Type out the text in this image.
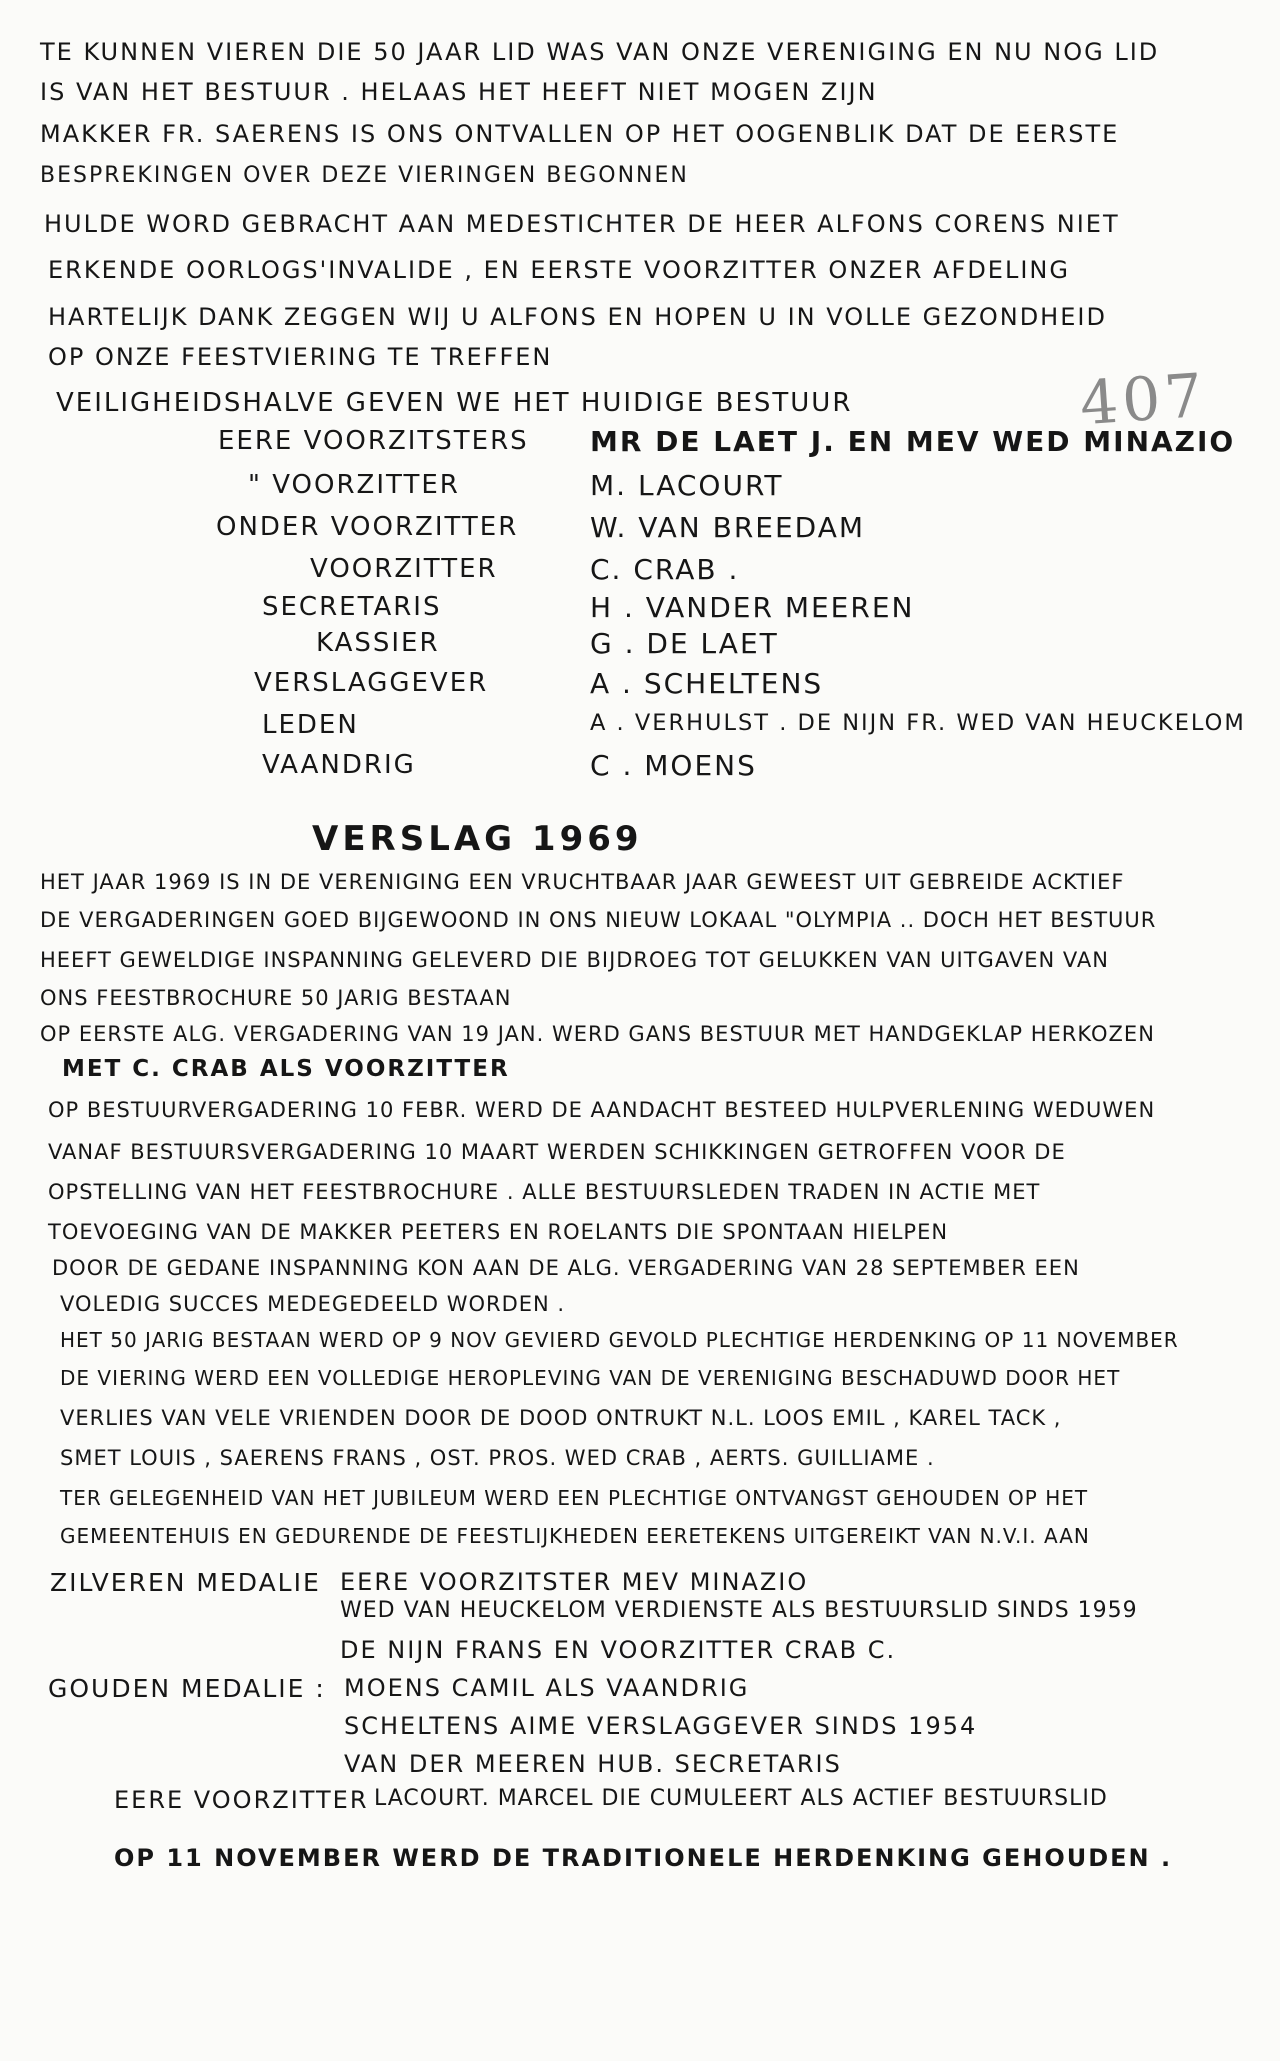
407
TE KUNNEN VIEREN DIE 50 JAAR LID WAS VAN ONZE VERENIGING EN NU NOG LID
IS VAN HET BESTUUR . HELAAS HET HEEFT NIET MOGEN ZIJN
MAKKER FR. SAERENS IS ONS ONTVALLEN OP HET OOGENBLIK DAT DE EERSTE
BESPREKINGEN OVER DEZE VIERINGEN BEGONNEN
HULDE WORD GEBRACHT AAN MEDESTICHTER DE HEER ALFONS CORENS NIET
ERKENDE OORLOGS'INVALIDE , EN EERSTE VOORZITTER ONZER AFDELING
HARTELIJK DANK ZEGGEN WIJ U ALFONS EN HOPEN U IN VOLLE GEZONDHEID
OP ONZE FEESTVIERING TE TREFFEN
VEILIGHEIDSHALVE GEVEN WE HET HUIDIGE BESTUUR
EERE VOORZITSTERS
" VOORZITTER
ONDER VOORZITTER
VOORZITTER
SECRETARIS
KASSIER
VERSLAGGEVER
LEDEN
VAANDRIG
MR DE LAET J. EN MEV WED MINAZIO
M. LACOURT
W. VAN BREEDAM
C. CRAB .
H . VANDER MEEREN
G . DE LAET
A . SCHELTENS
A . VERHULST . DE NIJN FR. WED VAN HEUCKELOM
C . MOENS
VERSLAG 1969
HET JAAR 1969 IS IN DE VERENIGING EEN VRUCHTBAAR JAAR GEWEEST UIT GEBREIDE ACKTIEF
DE VERGADERINGEN GOED BIJGEWOOND IN ONS NIEUW LOKAAL "OLYMPIA .. DOCH HET BESTUUR
HEEFT GEWELDIGE INSPANNING GELEVERD DIE BIJDROEG TOT GELUKKEN VAN UITGAVEN VAN
ONS FEESTBROCHURE 50 JARIG BESTAAN
OP EERSTE ALG. VERGADERING VAN 19 JAN. WERD GANS BESTUUR MET HANDGEKLAP HERKOZEN
MET C. CRAB ALS VOORZITTER
OP BESTUURVERGADERING 10 FEBR. WERD DE AANDACHT BESTEED HULPVERLENING WEDUWEN
VANAF BESTUURSVERGADERING 10 MAART WERDEN SCHIKKINGEN GETROFFEN VOOR DE
OPSTELLING VAN HET FEESTBROCHURE . ALLE BESTUURSLEDEN TRADEN IN ACTIE MET
TOEVOEGING VAN DE MAKKER PEETERS EN ROELANTS DIE SPONTAAN HIELPEN
DOOR DE GEDANE INSPANNING KON AAN DE ALG. VERGADERING VAN 28 SEPTEMBER EEN
VOLEDIG SUCCES MEDEGEDEELD WORDEN .
HET 50 JARIG BESTAAN WERD OP 9 NOV GEVIERD GEVOLD PLECHTIGE HERDENKING OP 11 NOVEMBER
DE VIERING WERD EEN VOLLEDIGE HEROPLEVING VAN DE VERENIGING BESCHADUWD DOOR HET
VERLIES VAN VELE VRIENDEN DOOR DE DOOD ONTRUKT N.L. LOOS EMIL , KAREL TACK ,
SMET LOUIS , SAERENS FRANS , OST. PROS. WED CRAB , AERTS. GUILLIAME .
TER GELEGENHEID VAN HET JUBILEUM WERD EEN PLECHTIGE ONTVANGST GEHOUDEN OP HET
GEMEENTEHUIS EN GEDURENDE DE FEESTLIJKHEDEN EERETEKENS UITGEREIKT VAN N.V.I. AAN
ZILVEREN MEDALIE EERE VOORZITSTER MEV MINAZIO
WED VAN HEUCKELOM VERDIENSTE ALS BESTUURSLID SINDS 1959
DE NIJN FRANS EN VOORZITTER CRAB C.
GOUDEN MEDALIE : MOENS CAMIL ALS VAANDRIG
SCHELTENS AIME VERSLAGGEVER SINDS 1954
VAN DER MEEREN HUB. SECRETARIS
EERE VOORZITTER LACOURT. MARCEL DIE CUMULEERT ALS ACTIEF BESTUURSLID
OP 11 NOVEMBER WERD DE TRADITIONELE HERDENKING GEHOUDEN .
